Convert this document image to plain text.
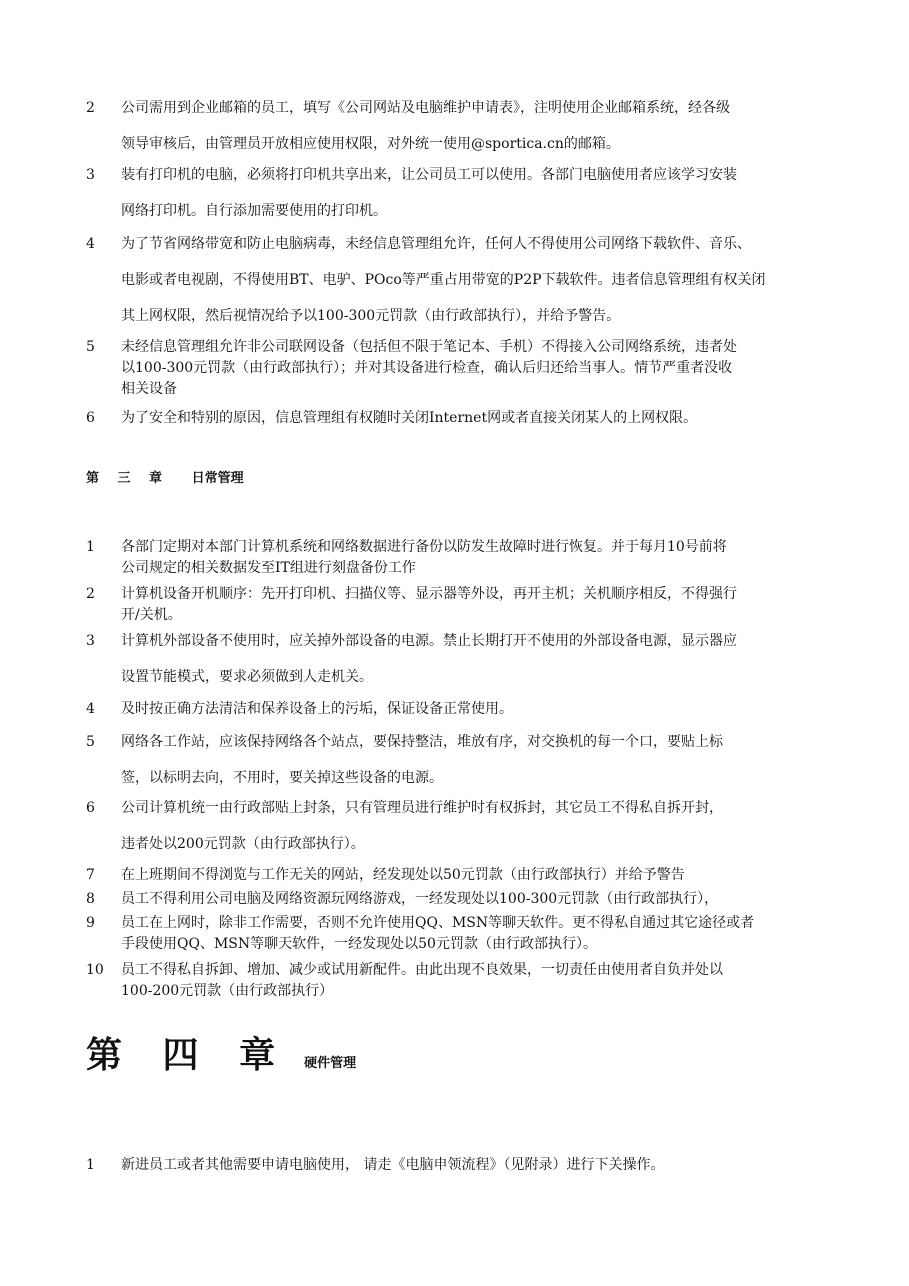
2 公司需用到企业邮箱的员工，填写《公司网站及电脑维护申请表》，注明使用企业邮箱系统，经各级
领导审核后，由管理员开放相应使用权限，对外统一使用@sportica.cn的邮箱。
3 装有打印机的电脑，必须将打印机共享出来，让公司员工可以使用。各部门电脑使用者应该学习安装
网络打印机。自行添加需要使用的打印机。
4 为了节省网络带宽和防止电脑病毒，未经信息管理组允许，任何人不得使用公司网络下载软件、音乐、
电影或者电视剧，不得使用BT、电驴、POco等严重占用带宽的P2P下载软件。违者信息管理组有权关闭
其上网权限，然后视情况给予以100-300元罚款（由行政部执行），并给予警告。
5 未经信息管理组允许非公司联网设备（包括但不限于笔记本、手机）不得接入公司网络系统，违者处
以100-300元罚款（由行政部执行）；并对其设备进行检查，确认后归还给当事人。情节严重者没收
相关设备
6 为了安全和特别的原因，信息管理组有权随时关闭Internet网或者直接关闭某人的上网权限。
第 三 章 日常管理
1 各部门定期对本部门计算机系统和网络数据进行备份以防发生故障时进行恢复。并于每月10号前将
公司规定的相关数据发至IT组进行刻盘备份工作
2 计算机设备开机顺序：先开打印机、扫描仪等、显示器等外设，再开主机；关机顺序相反，不得强行
开/关机。
3 计算机外部设备不使用时，应关掉外部设备的电源。禁止长期打开不使用的外部设备电源，显示器应
设置节能模式，要求必须做到人走机关。
4 及时按正确方法清洁和保养设备上的污垢，保证设备正常使用。
5 网络各工作站，应该保持网络各个站点，要保持整洁，堆放有序，对交换机的每一个口，要贴上标
签，以标明去向，不用时，要关掉这些设备的电源。
6 公司计算机统一由行政部贴上封条，只有管理员进行维护时有权拆封，其它员工不得私自拆开封，
违者处以200元罚款（由行政部执行）。
7 在上班期间不得浏览与工作无关的网站，经发现处以50元罚款（由行政部执行）并给予警告
8 员工不得利用公司电脑及网络资源玩网络游戏，一经发现处以100-300元罚款（由行政部执行），
9 员工在上网时，除非工作需要，否则不允许使用QQ、MSN等聊天软件。更不得私自通过其它途径或者
手段使用QQ、MSN等聊天软件，一经发现处以50元罚款（由行政部执行）。
10 员工不得私自拆卸、增加、减少或试用新配件。由此出现不良效果，一切责任由使用者自负并处以
100-200元罚款（由行政部执行）
第 四 章 硬件管理
1 新进员工或者其他需要申请电脑使用， 请走《电脑申领流程》（见附录）进行下关操作。
